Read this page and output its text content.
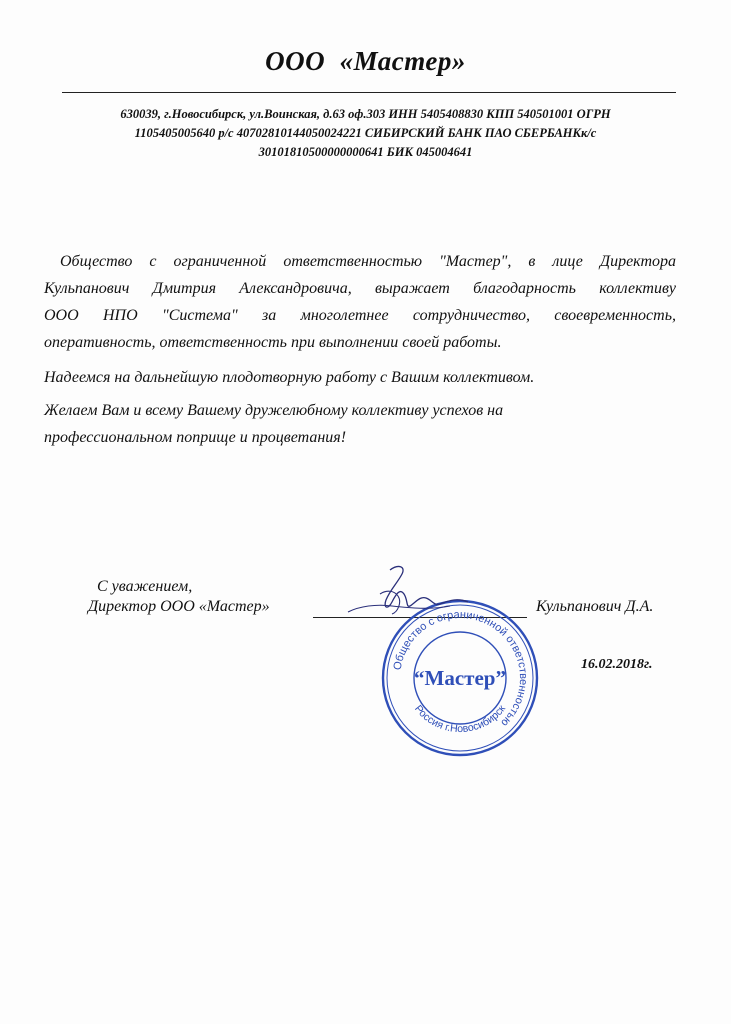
ООО  «Мастер»
630039, г.Новосибирск, ул.Воинская, д.63 оф.303 ИНН 5405408830 КПП 540501001 ОГРН
1105405005640 р/с 40702810144050024221 СИБИРСКИЙ БАНК ПАО СБЕРБАНКк/с
30101810500000000641 БИК 045004641
Общество с ограниченной ответственностью "Мастер", в лице Директора
Кульпанович Дмитрия Александровича, выражает благодарность коллективу
ООО НПО "Система" за многолетнее сотрудничество, своевременность,
оперативность, ответственность при выполнении своей работы.
Надеемся на дальнейшую плодотворную работу с Вашим коллективом.
Желаем Вам и всему Вашему дружелюбному коллективу успехов на
профессиональном поприще и процветания!
С уважением,
Директор ООО «Мастер»	Кульпанович Д.А.
Общество с ограниченной ответственностью
Россия г.Новосибирск
“Мастер”
16.02.2018г.
